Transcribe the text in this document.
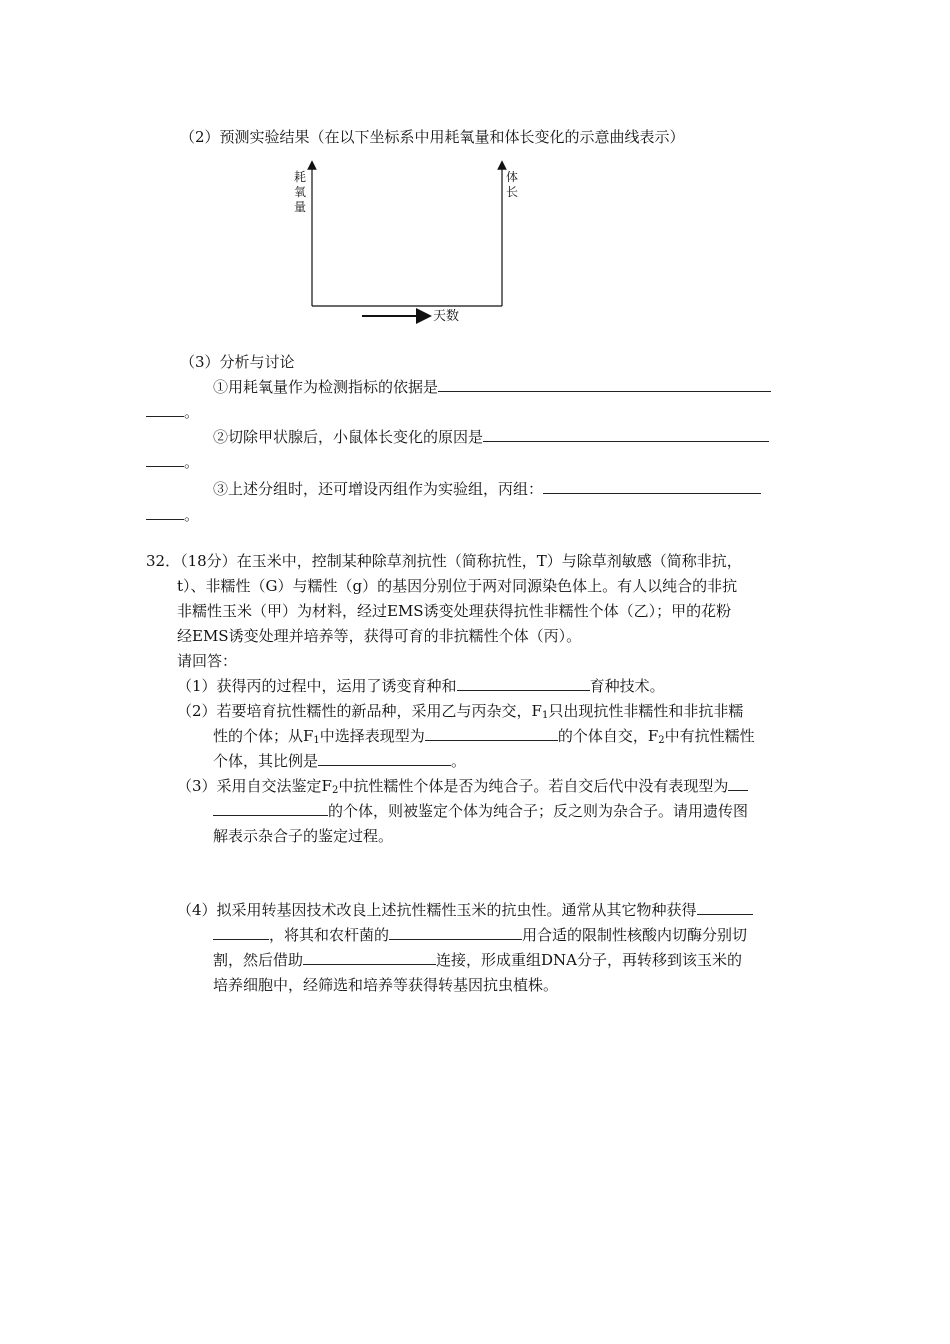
（2）预测实验结果（在以下坐标系中用耗氧量和体长变化的示意曲线表示）
耗
氧
量
体
长
天数
（3）分析与讨论
①用耗氧量作为检测指标的依据是
。
②切除甲状腺后，小鼠体长变化的原因是
。
③上述分组时，还可增设丙组作为实验组，丙组：
。
32．（18分）在玉米中，控制某种除草剂抗性（简称抗性，T）与除草剂敏感（简称非抗，
t）、非糯性（G）与糯性（g）的基因分别位于两对同源染色体上。有人以纯合的非抗
非糯性玉米（甲）为材料，经过EMS诱变处理获得抗性非糯性个体（乙）；甲的花粉
经EMS诱变处理并培养等，获得可育的非抗糯性个体（丙）。
请回答：
（1）获得丙的过程中，运用了诱变育种和	育种技术。
（2）若要培育抗性糯性的新品种，采用乙与丙杂交，$F_1$只出现抗性非糯性和非抗非糯
性的个体；从$F_1$中选择表现型为	的个体自交，$F_2$中有抗性糯性
个体，其比例是	。
（3）采用自交法鉴定$F_2$中抗性糯性个体是否为纯合子。若自交后代中没有表现型为
的个体，则被鉴定个体为纯合子；反之则为杂合子。请用遗传图
解表示杂合子的鉴定过程。
（4）拟采用转基因技术改良上述抗性糯性玉米的抗虫性。通常从其它物种获得
，将其和农杆菌的	用合适的限制性核酸内切酶分别切
割，然后借助	连接，形成重组DNA分子，再转移到该玉米的
培养细胞中，经筛选和培养等获得转基因抗虫植株。
